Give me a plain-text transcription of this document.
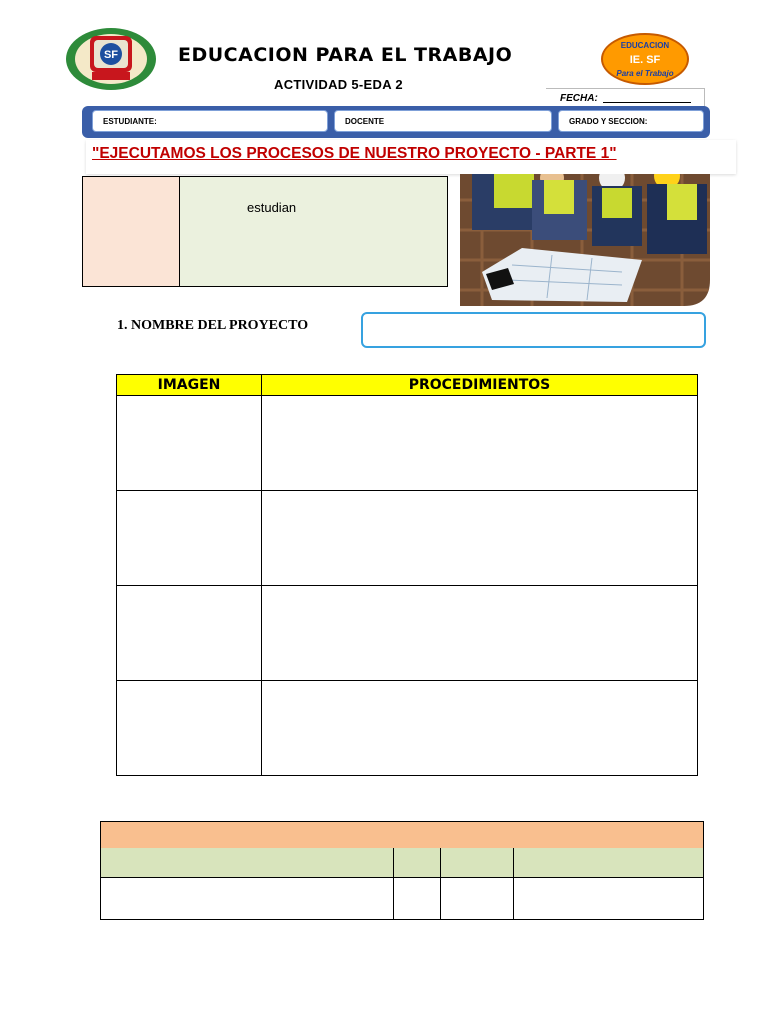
SF	EDUCACION PARA EL TRABAJO
ACTIVIDAD 5-EDA 2
EDUCACION
IE. SF
Para el Trabajo
FECHA:
ESTUDIANTE:	DOCENTE	GRADO Y SECCION:
"EJECUTAMOS LOS PROCESOS DE NUESTRO PROYECTO - PARTE 1"
estudian
1. NOMBRE DEL PROYECTO
IMAGEN	PROCEDIMIENTOS
